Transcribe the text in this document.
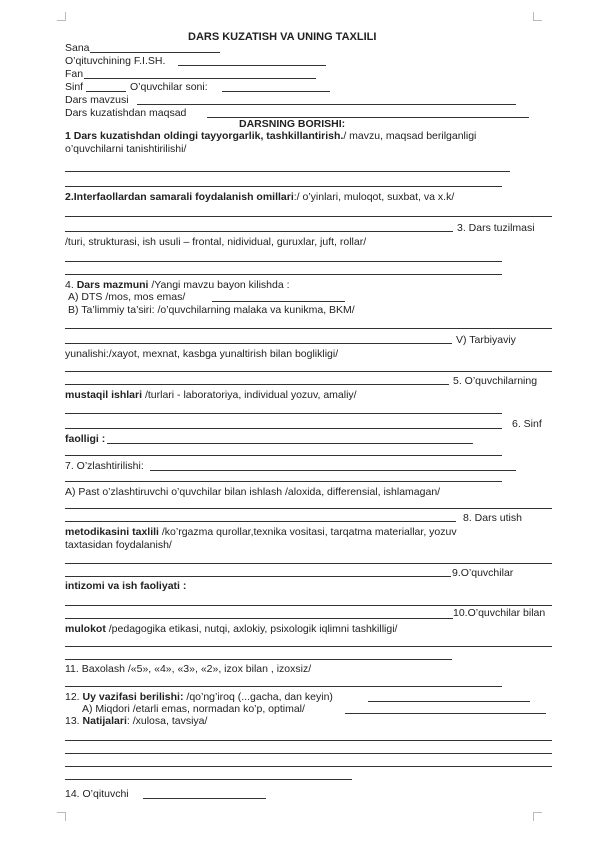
DARS KUZATISH VA UNING TAXLILI
Sana
O’qituvchining F.I.SH.
Fan
Sinf	O’quvchilar soni:
Dars mavzusi
Dars kuzatishdan maqsad
DARSNING BORISHI:
1 Dars kuzatishdan oldingi tayyorgarlik, tashkillantirish./ mavzu, maqsad berilganligi
o’quvchilarni tanishtirilishi/
2.Interfaollardan samarali foydalanish omillari:/ o’yinlari, muloqot, suxbat, va x.k/
3. Dars tuzilmasi
/turi, strukturasi, ish usuli – frontal, nidividual, guruxlar, juft, rollar/
4. Dars mazmuni /Yangi mavzu bayon kilishda :
A) DTS /mos, mos emas/
B) Ta’limmiy ta’siri: /o’quvchilarning malaka va kunikma, BKM/
V) Tarbiyaviy
yunalishi:/xayot, mexnat, kasbga yunaltirish bilan boglikligi/
5. O’quvchilarning
mustaqil ishlari /turlari - laboratoriya, individual yozuv, amaliy/
6. Sinf
faolligi :
7. O’zlashtirilishi:
A) Past o’zlashtiruvchi o’quvchilar bilan ishlash /aloxida, differensial, ishlamagan/
8. Dars utish
metodikasini taxlili /ko’rgazma qurollar,texnika vositasi, tarqatma materiallar, yozuv
taxtasidan foydalanish/
9.O’quvchilar
intizomi va ish faoliyati :
10.O’quvchilar bilan
mulokot /pedagogika etikasi, nutqi, axlokiy, psixologik iqlimni tashkilligi/
11. Baxolash /«5», «4», «3», «2», izox bilan , izoxsiz/
12. Uy vazifasi berilishi: /qo’ng’iroq (...gacha, dan keyin)
A) Miqdori /etarli emas, normadan ko’p, optimal/
13. Natijalari: /xulosa, tavsiya/
14. O’qituvchi
